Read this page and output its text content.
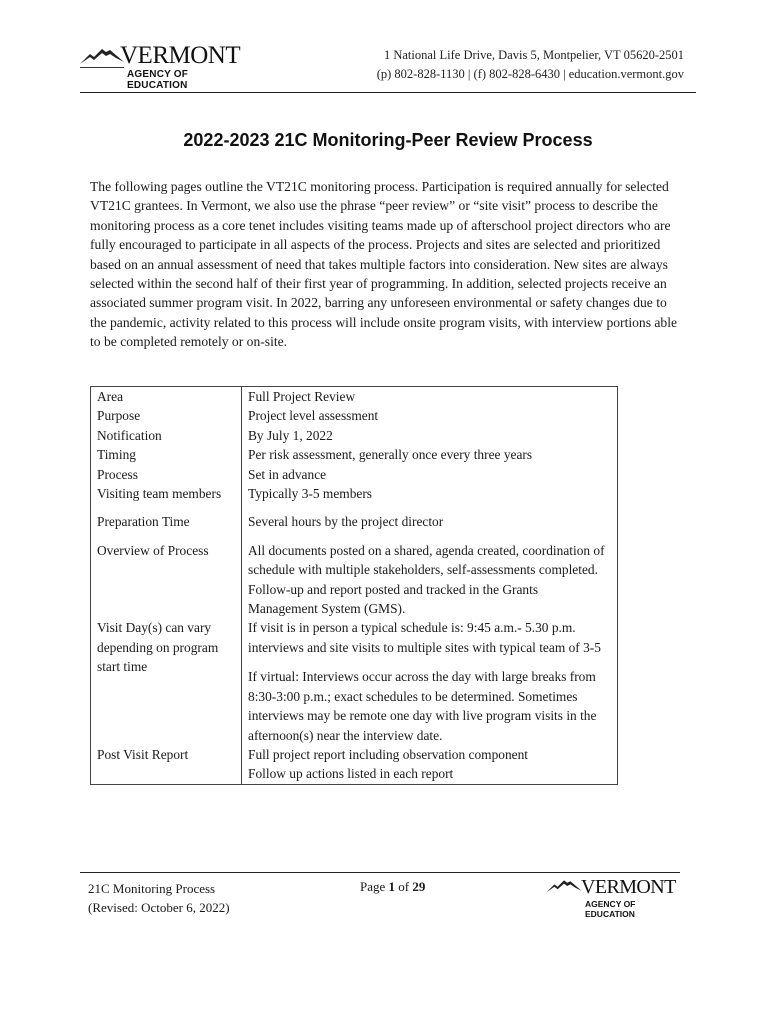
VERMONT
AGENCY OF EDUCATION
1 National Life Drive, Davis 5, Montpelier, VT 05620-2501
(p) 802-828-1130 | (f) 802-828-6430 | education.vermont.gov
2022-2023 21C Monitoring-Peer Review Process

The following pages outline the VT21C monitoring process. Participation is required annually for selected VT21C grantees. In Vermont, we also use the phrase “peer review” or “site visit” process to describe the monitoring process as a core tenet includes visiting teams made up of afterschool project directors who are fully encouraged to participate in all aspects of the process. Projects and sites are selected and prioritized based on an annual assessment of need that takes multiple factors into consideration. New sites are always selected within the second half of their first year of programming. In addition, selected projects receive an associated summer program visit. In 2022, barring any unforeseen environmental or safety changes due to the pandemic, activity related to this process will include onsite program visits, with interview portions able to be completed remotely or on-site.

Area	Full Project Review
Purpose	Project level assessment
Notification	By July 1, 2022
Timing	Per risk assessment, generally once every three years
Process	Set in advance
Visiting team members	Typically 3-5 members
Preparation Time	Several hours by the project director
Overview of Process	All documents posted on a shared, agenda created, coordination of schedule with multiple stakeholders, self-assessments completed. Follow-up and report posted and tracked in the Grants Management System (GMS).
Visit Day(s) can vary depending on program start time	If visit is in person a typical schedule is: 9:45 a.m.- 5.30 p.m. interviews and site visits to multiple sites with typical team of 3-5
If virtual: Interviews occur across the day with large breaks from 8:30-3:00 p.m.; exact schedules to be determined. Sometimes interviews may be remote one day with live program visits in the afternoon(s) near the interview date.

Post Visit Report	Full project report including observation component
Follow up actions listed in each report
21C Monitoring Process
(Revised: October 6, 2022)
Page 1 of 29	VERMONT
AGENCY OF EDUCATION
